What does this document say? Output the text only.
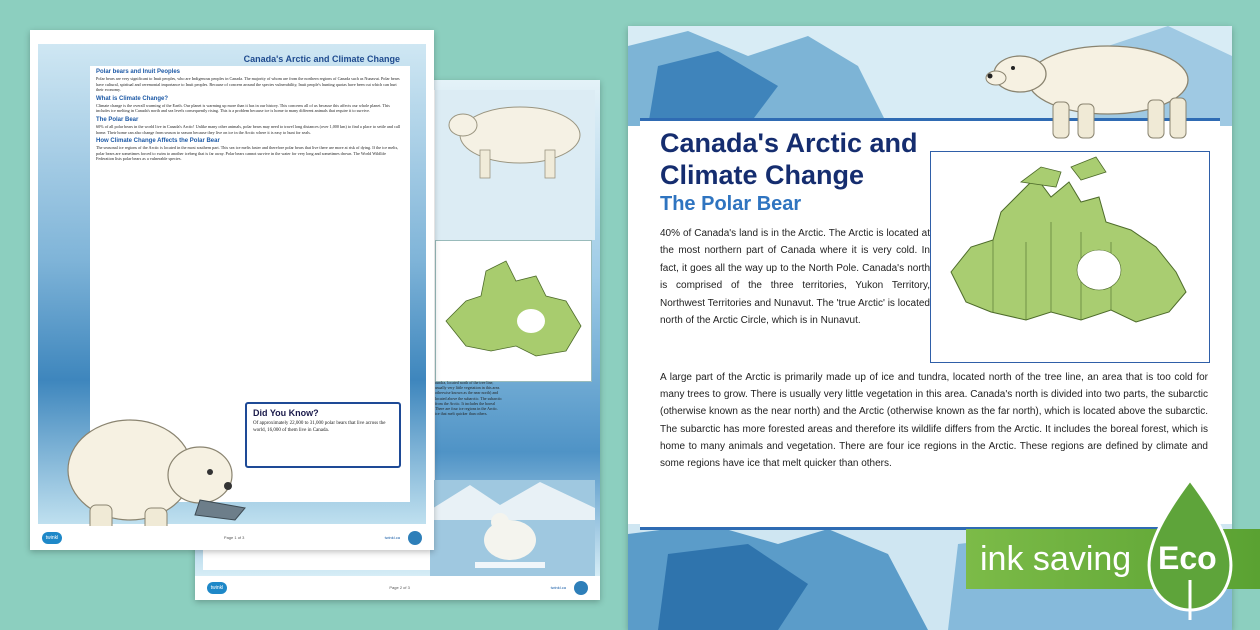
tundra, located north of the tree line,
usually very little vegetation in this area.
otherwise known as the near north) and
located above the subarctic. The subarctic
from the Arctic. It includes the boreal
There are four ice regions in the Arctic.
ice that melt quicker than others.
twinkl	Page 2 of 3	twinkl.ca
Canada's Arctic and Climate Change
Polar bears and Inuit Peoples
Polar bears are very significant to Inuit peoples, who are Indigenous peoples in Canada. The majority of whom are from the northern regions of Canada such as Nunavut. Polar bears have cultural, spiritual and ceremonial importance to Inuit peoples. Because of concern around the species vulnerability, Inuit people's hunting quotas have been cut which can hurt their economy.
What is Climate Change?
Climate change is the overall warming of the Earth. Our planet is warming up more than it has in our history. This concerns all of us because this affects our whole planet. This includes ice melting in Canada's north and sea levels consequently rising. This is a problem because ice is home to many different animals that require it to survive.
The Polar Bear
60% of all polar bears in the world live in Canada's Arctic! Unlike many other animals, polar bears may need to travel long distances (over 1,000 km) to find a place to settle and call home. Their home can also change from season to season because they live on ice in the Arctic where it is easy to hunt for seals.
How Climate Change Affects the Polar Bear
The seasonal ice regions of the Arctic is located in the most southern part. This sea ice melts faster and therefore polar bears that live there are more at risk of dying. If the ice melts, polar bears are sometimes forced to swim to another iceberg that is far away. Polar bears cannot survive in the water for very long and sometimes drown. The World Wildlife Federation lists polar bears as a vulnerable species.
Did You Know?
Of approximately 22,000 to 31,000 polar bears that live across the world, 16,000 of them live in Canada.
twinkl	Page 1 of 3	twinkl.ca
Canada's Arctic and Climate Change
The Polar Bear

40% of Canada's land is in the Arctic. The Arctic is located at the most northern part of Canada where it is very cold. In fact, it goes all the way up to the North Pole. Canada's north is comprised of the three territories, Yukon Territory, Northwest Territories and Nunavut. The 'true Arctic' is located north of the Arctic Circle, which is in Nunavut.

A large part of the Arctic is primarily made up of ice and tundra, located north of the tree line, an area that is too cold for many trees to grow. There is usually very little vegetation in this area. Canada's north is divided into two parts, the subarctic (otherwise known as the near north) and the Arctic (otherwise known as the far north), which is located above the subarctic. The subarctic has more forested areas and therefore its wildlife differs from the Arctic. It includes the boreal forest, which is home to many animals and vegetation. There are four ice regions in the Arctic. These regions are defined by climate and some regions have ice that melt quicker than others.

ink saving Eco
